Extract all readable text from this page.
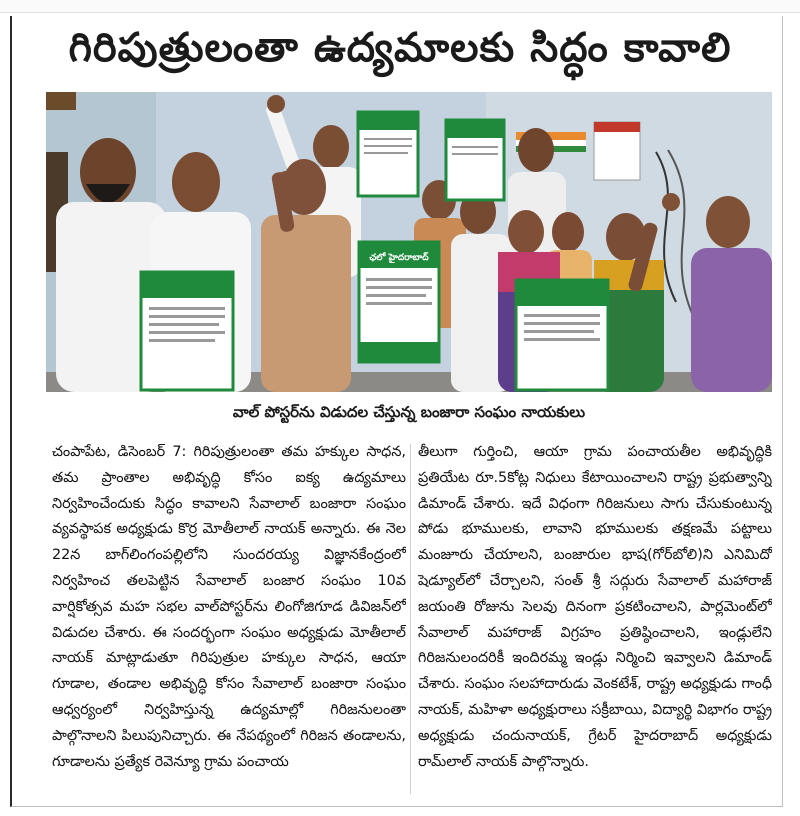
గిరిపుత్రులంతా ఉద్యమాలకు సిద్ధం కావాలి
ఛలో హైదరాబాద్
వాల్ పోస్టర్‌ను విడుదల చేస్తున్న బంజారా సంఘం నాయకులు
చంపాపేట, డిసెంబర్ 7: గిరిపుత్రులంతా తమ హక్కుల సాధన, తమ ప్రాంతాల అభివృద్ధి కోసం ఐక్య ఉద్యమాలు నిర్వహించేందుకు సిద్ధం కావాలని సేవాలాల్ బంజారా సంఘం వ్యవస్థాపక అధ్యక్షుడు కొర్ర మోతీలాల్ నాయక్ అన్నారు. ఈ నెల 22న బాగ్‌లింగంపల్లిలోని సుందరయ్య విజ్ఞానకేంద్రంలో నిర్వహించ తలపెట్టిన సేవాలాల్ బంజార సంఘం 10వ వార్షికోత్సవ మహ సభల వాల్‌పోస్టర్‌ను లింగోజిగూడ డివిజన్‌లో విడుదల చేశారు. ఈ సందర్భంగా సంఘం అధ్యక్షుడు మోతీలాల్ నాయక్ మాట్లాడుతూ గిరిపుత్రుల హక్కుల సాధన, ఆయా గూడాల, తండాల అభివృద్ధి కోసం సేవాలాల్ బంజారా సంఘం ఆధ్వర్యంలో నిర్వహిస్తున్న ఉద్యమాల్లో గిరిజనులంతా పాల్గొనాలని పిలుపునిచ్చారు. ఈ నేపథ్యంలో గిరిజన తండాలను, గూడాలను ప్రత్యేక రెవెన్యూ గ్రామ పంచాయ
తీలుగా గుర్తించి, ఆయా గ్రామ పంచాయతీల అభివృద్ధికి ప్రతియేట రూ.5కోట్ల నిధులు కేటాయించాలని రాష్ట్ర ప్రభుత్వాన్ని డిమాండ్ చేశారు. ఇదే విధంగా గిరిజనులు సాగు చేసుకుంటున్న పోడు భూములకు, లావాని భూములకు తక్షణమే పట్టాలు మంజూరు చేయాలని, బంజారుల భాష(గోర్‌బోలి)ని ఎనిమిదో షెడ్యూల్‌లో చేర్చాలని, సంత్ శ్రీ సద్గురు సేవాలాల్ మహారాజ్ జయంతి రోజును సెలవు దినంగా ప్రకటించాలని, పార్లమెంట్‌లో సేవాలాల్ మహారాజ్ విగ్రహం ప్రతిష్ఠించాలని, ఇండ్లులేని గిరిజనులందరికీ ఇందిరమ్మ ఇండ్లు నిర్మించి ఇవ్వాలని డిమాండ్ చేశారు. సంఘం సలహాదారుడు వెంకటేశ్, రాష్ట్ర అధ్యక్షుడు గాంధీ నాయక్, మహిళా అధ్యక్షురాలు సక్రీబాయి, విద్యార్థి విభాగం రాష్ట్ర అధ్యక్షుడు చందునాయక్, గ్రేటర్ హైదరాబాద్ అధ్యక్షుడు రామ్‌లాల్ నాయక్ పాల్గొన్నారు.
